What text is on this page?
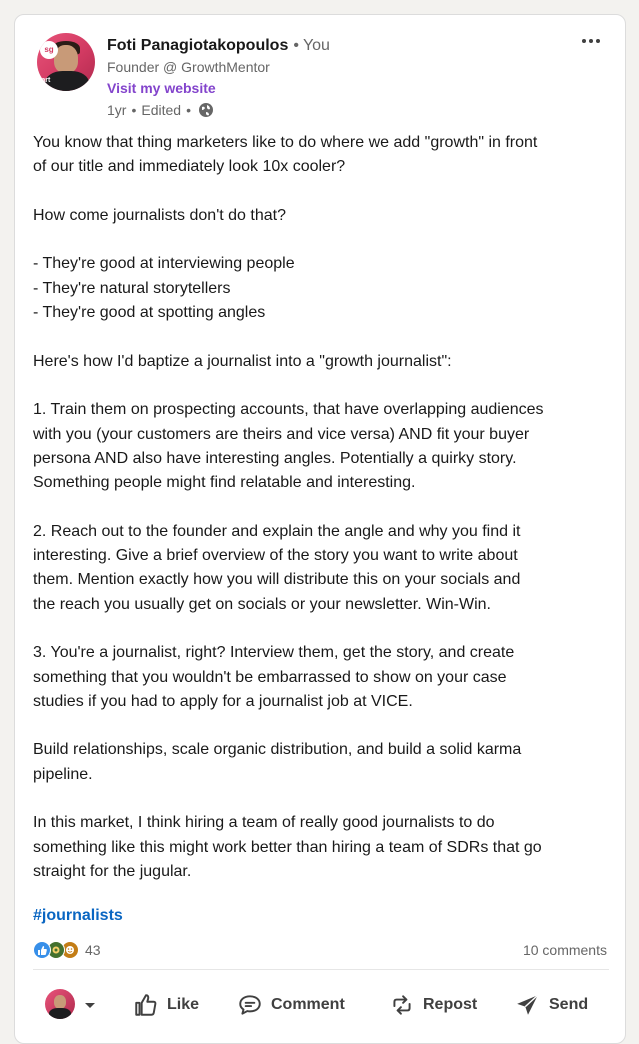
sg
tart
Foti Panagiotakopoulos • You
Founder @ GrowthMentor
Visit my website
1yr • Edited •

You know that thing marketers like to do where we add "growth" in front

of our title and immediately look 10x cooler?

How come journalists don't do that?

- They're good at interviewing people

- They're natural storytellers

- They're good at spotting angles

Here's how I'd baptize a journalist into a "growth journalist":

1. Train them on prospecting accounts, that have overlapping audiences

with you (your customers are theirs and vice versa) AND fit your buyer

persona AND also have interesting angles. Potentially a quirky story.

Something people might find relatable and interesting.

2. Reach out to the founder and explain the angle and why you find it

interesting. Give a brief overview of the story you want to write about

them. Mention exactly how you will distribute this on your socials and

the reach you usually get on socials or your newsletter. Win-Win.

3. You're a journalist, right? Interview them, get the story, and create

something that you wouldn't be embarrassed to show on your case

studies if you had to apply for a journalist job at VICE.

Build relationships, scale organic distribution, and build a solid karma

pipeline.

In this market, I think hiring a team of really good journalists to do

something like this might work better than hiring a team of SDRs that go

straight for the jugular.

#journalists
43	10 comments
Like	Comment	Repost	Send
